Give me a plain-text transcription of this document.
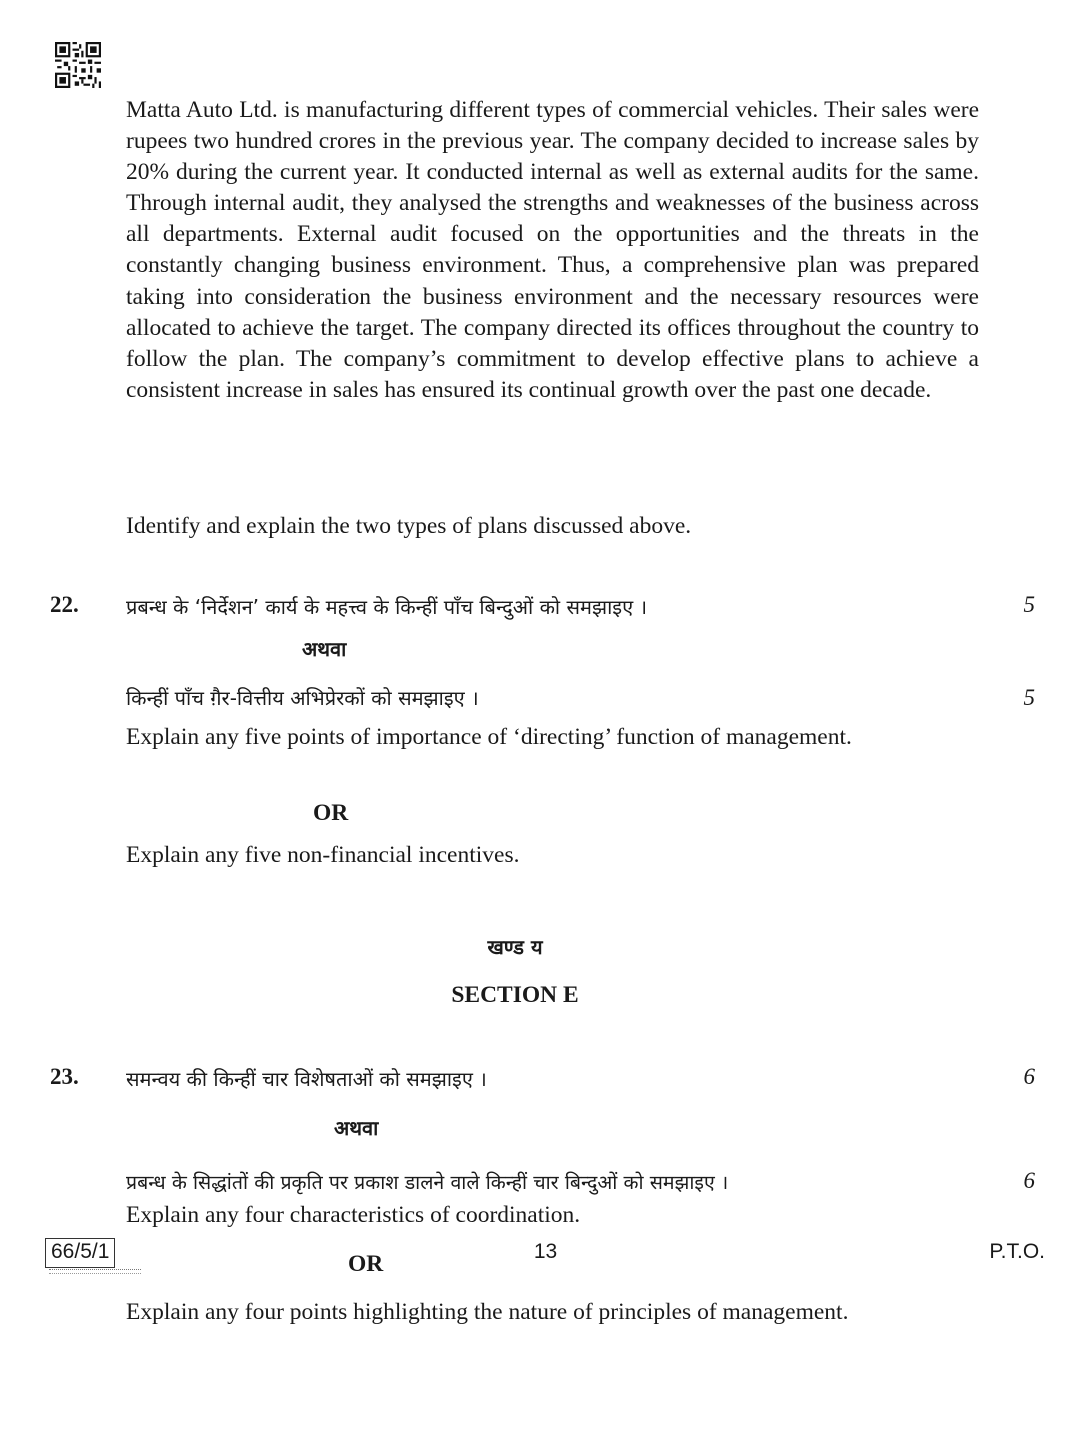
Matta Auto Ltd. is manufacturing different types of commercial vehicles. Their sales were rupees two hundred crores in the previous year. The company decided to increase sales by 20% during the current year. It conducted internal as well as external audits for the same. Through internal audit, they analysed the strengths and weaknesses of the business across all departments. External audit focused on the opportunities and the threats in the constantly changing business environment. Thus, a comprehensive plan was prepared taking into consideration the business environment and the necessary resources were allocated to achieve the target. The company directed its offices throughout the country to follow the plan. The company’s commitment to develop effective plans to achieve a consistent increase in sales has ensured its continual growth over the past one decade.
Identify and explain the two types of plans discussed above.
22. प्रबन्ध के ‘निर्देशन’ कार्य के महत्त्व के किन्हीं पाँच बिन्दुओं को समझाइए ।	5
अथवा
किन्हीं पाँच ग़ैर-वित्तीय अभिप्रेरकों को समझाइए ।	5
Explain any five points of importance of ‘directing’ function of management.
OR
Explain any five non-financial incentives.
खण्ड य
SECTION E
23. समन्वय की किन्हीं चार विशेषताओं को समझाइए ।	6
अथवा
प्रबन्ध के सिद्धांतों की प्रकृति पर प्रकाश डालने वाले किन्हीं चार बिन्दुओं को समझाइए ।	6
Explain any four characteristics of coordination.
OR
Explain any four points highlighting the nature of principles of management.
66/5/1	13	P.T.O.
